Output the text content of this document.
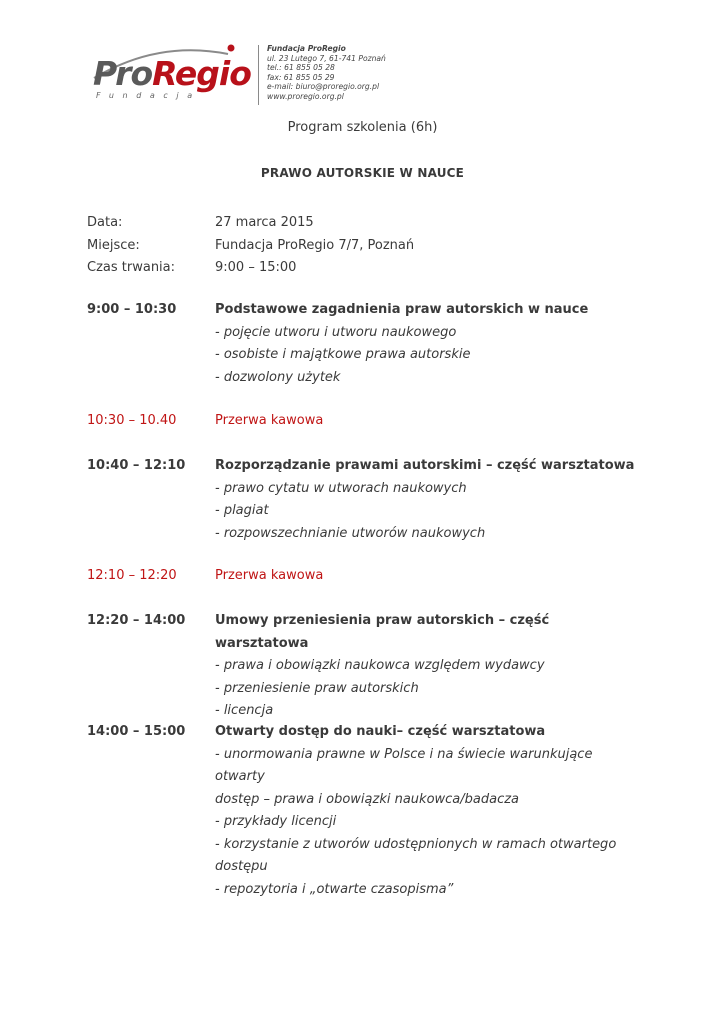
ProRegio
Fundacja
Fundacja ProRegio
ul. 23 Lutego 7, 61-741 Poznań
tel.: 61 855 05 28
fax: 61 855 05 29
e-mail: biuro@proregio.org.pl
www.proregio.org.pl
Program szkolenia (6h)
PRAWO AUTORSKIE W NAUCE
Data:	27 marca 2015
Miejsce:	Fundacja ProRegio 7/7, Poznań
Czas trwania:	9:00 – 15:00
9:00 – 10:30	Podstawowe zagadnienia praw autorskich w nauce
- pojęcie utworu i utworu naukowego
- osobiste i majątkowe prawa autorskie
- dozwolony użytek
10:30 – 10.40	Przerwa kawowa
10:40 – 12:10	Rozporządzanie prawami autorskimi – część warsztatowa
- prawo cytatu w utworach naukowych
- plagiat
- rozpowszechnianie utworów naukowych
12:10 – 12:20	Przerwa kawowa
12:20 – 14:00	Umowy przeniesienia praw autorskich – część warsztatowa
- prawa i obowiązki naukowca względem wydawcy
- przeniesienie praw autorskich
- licencja
14:00 – 15:00	Otwarty dostęp do nauki– część warsztatowa
- unormowania prawne w Polsce i na świecie warunkujące otwarty
dostęp – prawa i obowiązki naukowca/badacza
- przykłady licencji
- korzystanie z utworów udostępnionych w ramach otwartego
dostępu
- repozytoria i „otwarte czasopisma”
